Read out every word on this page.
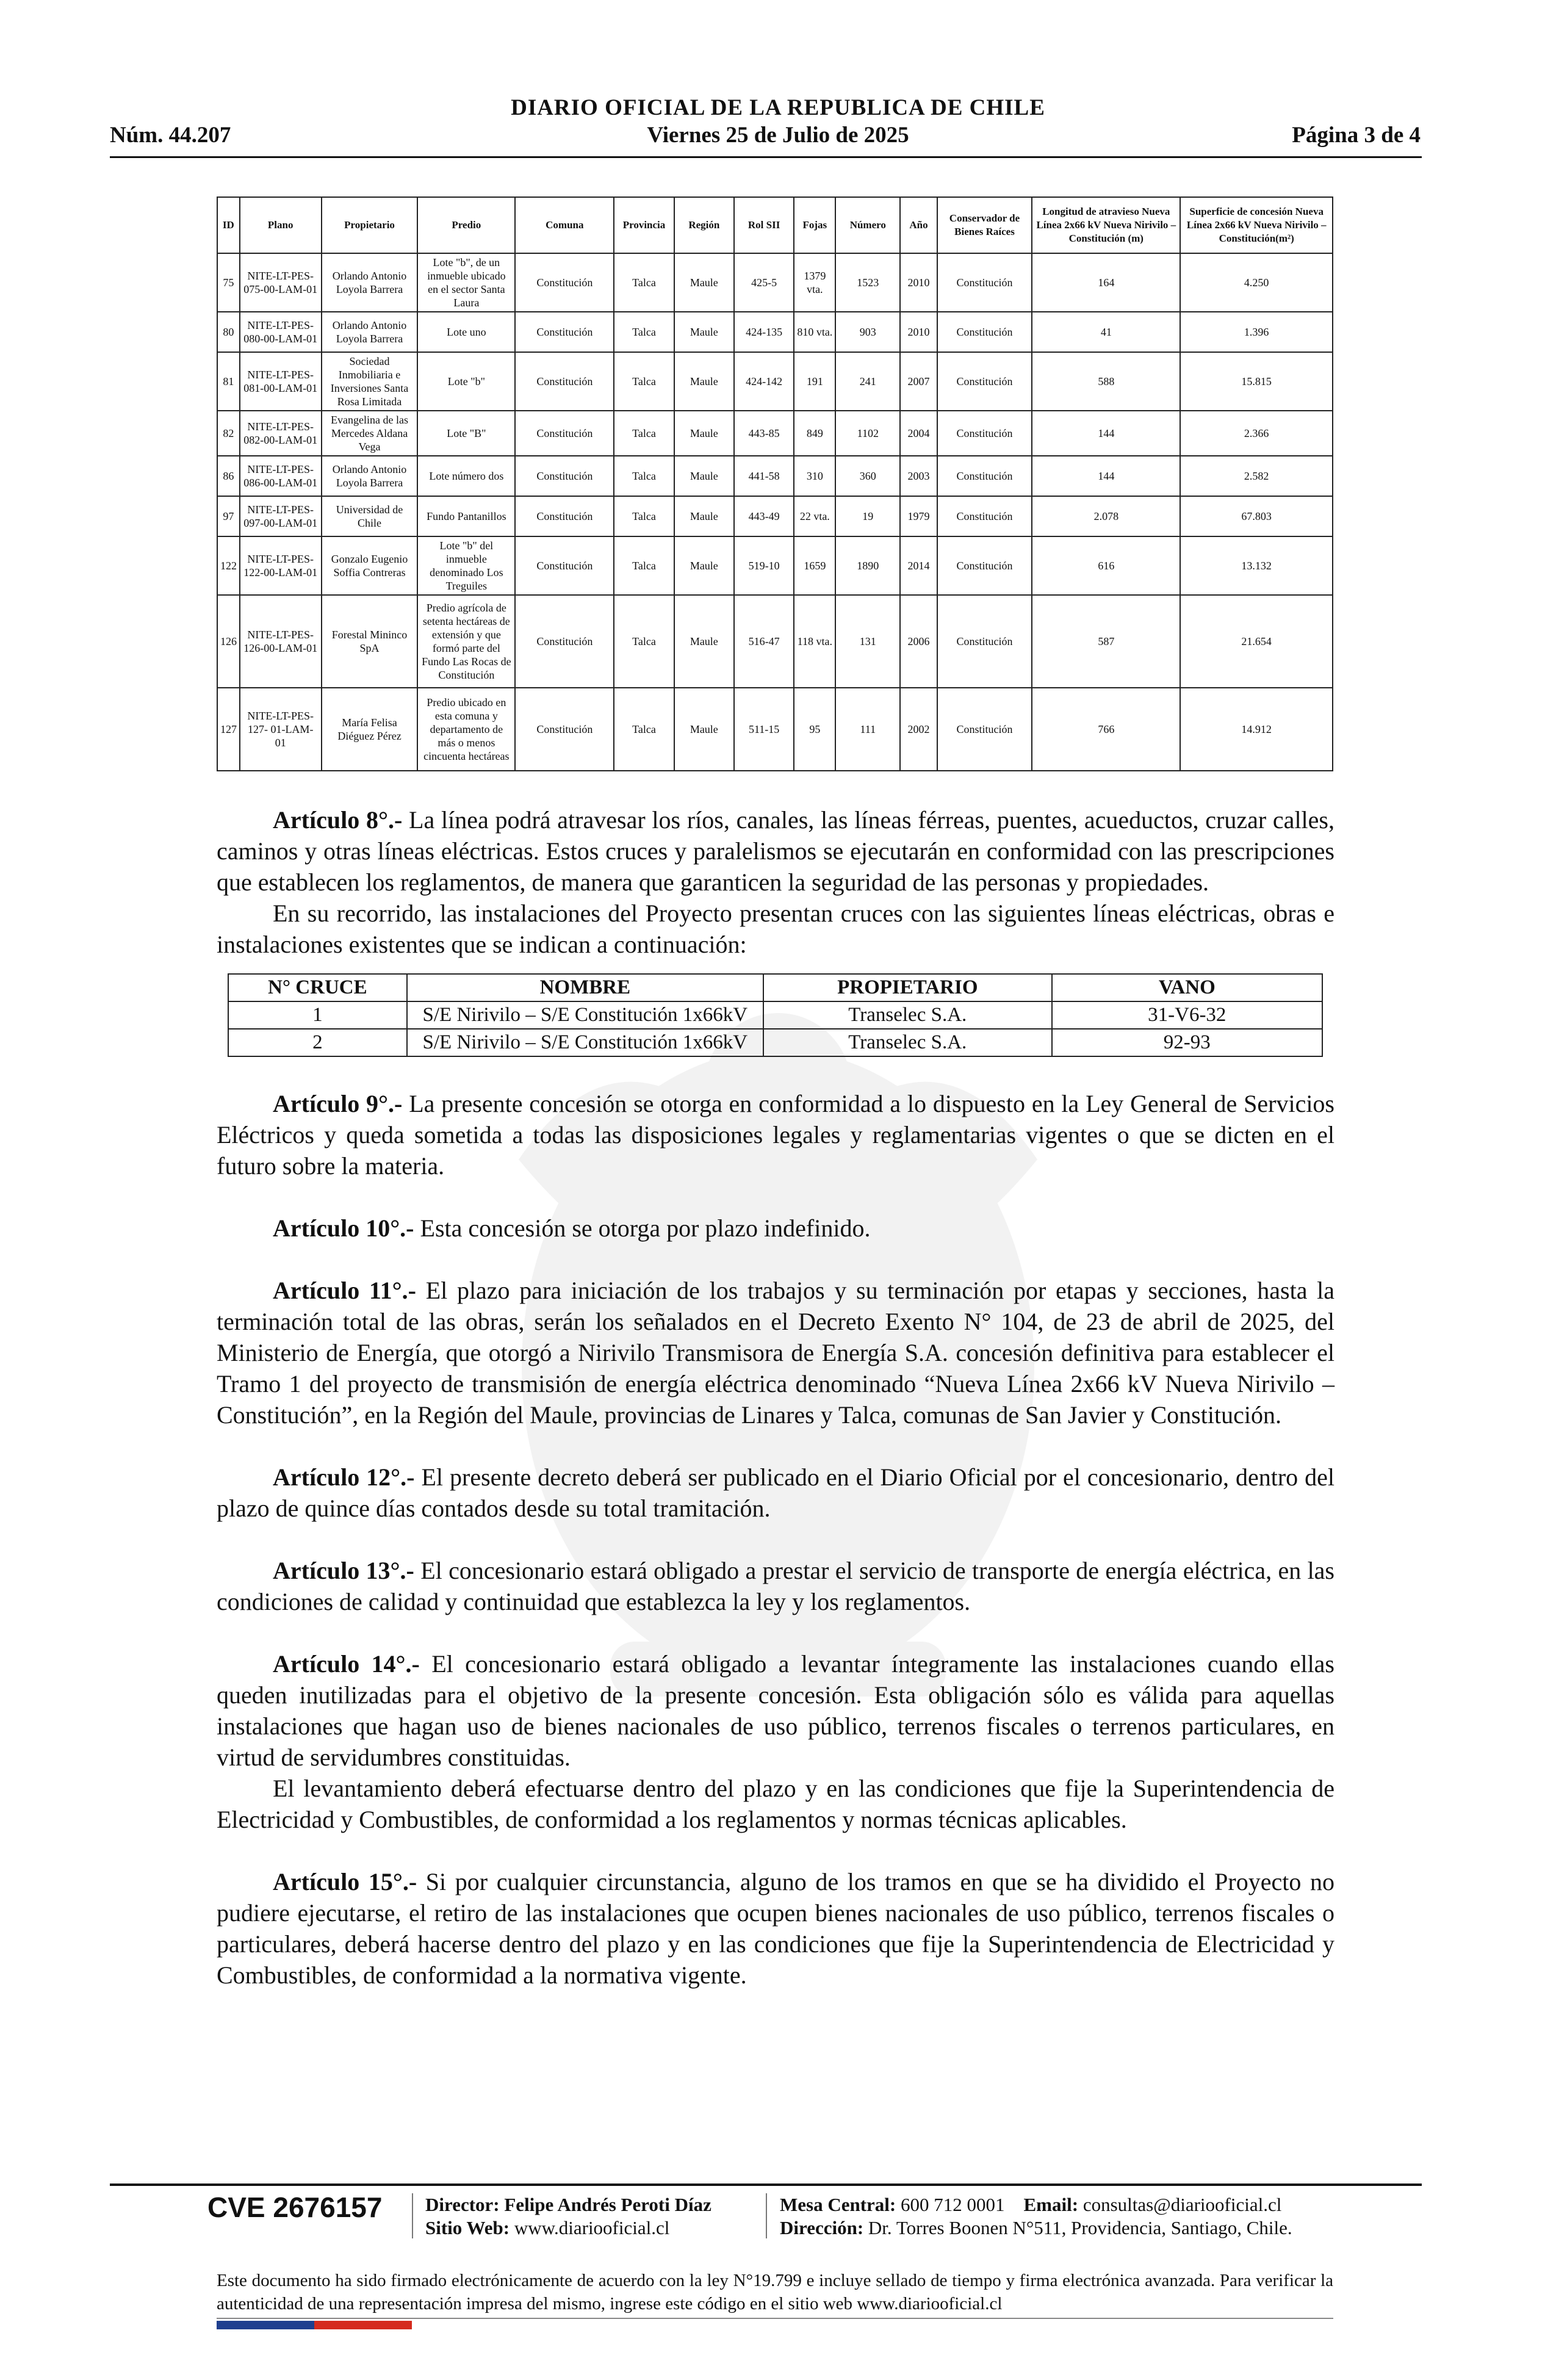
DIARIO OFICIAL DE LA REPUBLICA DE CHILE
Núm. 44.207	Viernes 25 de Julio de 2025	Página 3 de 4
ID	Plano	Propietario	Predio	Comuna	Provincia	Región	Rol SII	Fojas	Número	Año	Conservador de Bienes Raíces	Longitud de atravieso Nueva Línea 2x66 kV Nueva Nirivilo – Constitución (m)	Superficie de concesión Nueva Línea 2x66 kV Nueva Nirivilo – Constitución(m²)
75	NITE-LT-PES-075-00-LAM-01	Orlando Antonio Loyola Barrera	Lote "b", de un inmueble ubicado en el sector Santa Laura	Constitución	Talca	Maule	425-5	1379 vta.	1523	2010	Constitución	164	4.250
80	NITE-LT-PES-080-00-LAM-01	Orlando Antonio Loyola Barrera	Lote uno	Constitución	Talca	Maule	424-135	810 vta.	903	2010	Constitución	41	1.396
81	NITE-LT-PES-081-00-LAM-01	Sociedad Inmobiliaria e Inversiones Santa Rosa Limitada	Lote "b"	Constitución	Talca	Maule	424-142	191	241	2007	Constitución	588	15.815
82	NITE-LT-PES-082-00-LAM-01	Evangelina de las Mercedes Aldana Vega	Lote "B"	Constitución	Talca	Maule	443-85	849	1102	2004	Constitución	144	2.366
86	NITE-LT-PES-086-00-LAM-01	Orlando Antonio Loyola Barrera	Lote número dos	Constitución	Talca	Maule	441-58	310	360	2003	Constitución	144	2.582
97	NITE-LT-PES-097-00-LAM-01	Universidad de Chile	Fundo Pantanillos	Constitución	Talca	Maule	443-49	22 vta.	19	1979	Constitución	2.078	67.803
122	NITE-LT-PES-122-00-LAM-01	Gonzalo Eugenio Soffia Contreras	Lote "b" del inmueble denominado Los Treguiles	Constitución	Talca	Maule	519-10	1659	1890	2014	Constitución	616	13.132
126	NITE-LT-PES-126-00-LAM-01	Forestal Mininco SpA	Predio agrícola de setenta hectáreas de extensión y que formó parte del Fundo Las Rocas de Constitución	Constitución	Talca	Maule	516-47	118 vta.	131	2006	Constitución	587	21.654
127	NITE-LT-PES-127- 01-LAM-01	María Felisa Diéguez Pérez	Predio ubicado en esta comuna y departamento de más o menos cincuenta hectáreas	Constitución	Talca	Maule	511-15	95	111	2002	Constitución	766	14.912

Artículo 8°.- La línea podrá atravesar los ríos, canales, las líneas férreas, puentes, acueductos, cruzar calles, caminos y otras líneas eléctricas. Estos cruces y paralelismos se ejecutarán en conformidad con las prescripciones que establecen los reglamentos, de manera que garanticen la seguridad de las personas y propiedades.

En su recorrido, las instalaciones del Proyecto presentan cruces con las siguientes líneas eléctricas, obras e instalaciones existentes que se indican a continuación:

N° CRUCE	NOMBRE	PROPIETARIO	VANO
1	S/E Nirivilo – S/E Constitución 1x66kV	Transelec S.A.	31-V6-32
2	S/E Nirivilo – S/E Constitución 1x66kV	Transelec S.A.	92-93

Artículo 9°.- La presente concesión se otorga en conformidad a lo dispuesto en la Ley General de Servicios Eléctricos y queda sometida a todas las disposiciones legales y reglamentarias vigentes o que se dicten en el futuro sobre la materia.

Artículo 10°.- Esta concesión se otorga por plazo indefinido.

Artículo 11°.- El plazo para iniciación de los trabajos y su terminación por etapas y secciones, hasta la terminación total de las obras, serán los señalados en el Decreto Exento N° 104, de 23 de abril de 2025, del Ministerio de Energía, que otorgó a Nirivilo Transmisora de Energía S.A. concesión definitiva para establecer el Tramo 1 del proyecto de transmisión de energía eléctrica denominado “Nueva Línea 2x66 kV Nueva Nirivilo – Constitución”, en la Región del Maule, provincias de Linares y Talca, comunas de San Javier y Constitución.

Artículo 12°.- El presente decreto deberá ser publicado en el Diario Oficial por el concesionario, dentro del plazo de quince días contados desde su total tramitación.

Artículo 13°.- El concesionario estará obligado a prestar el servicio de transporte de energía eléctrica, en las condiciones de calidad y continuidad que establezca la ley y los reglamentos.

Artículo 14°.- El concesionario estará obligado a levantar íntegramente las instalaciones cuando ellas queden inutilizadas para el objetivo de la presente concesión. Esta obligación sólo es válida para aquellas instalaciones que hagan uso de bienes nacionales de uso público, terrenos fiscales o terrenos particulares, en virtud de servidumbres constituidas.

El levantamiento deberá efectuarse dentro del plazo y en las condiciones que fije la Superintendencia de Electricidad y Combustibles, de conformidad a los reglamentos y normas técnicas aplicables.

Artículo 15°.- Si por cualquier circunstancia, alguno de los tramos en que se ha dividido el Proyecto no pudiere ejecutarse, el retiro de las instalaciones que ocupen bienes nacionales de uso público, terrenos fiscales o particulares, deberá hacerse dentro del plazo y en las condiciones que fije la Superintendencia de Electricidad y Combustibles, de conformidad a la normativa vigente.

CVE 2676157 Director: Felipe Andrés Peroti Díaz
Sitio Web: www.diariooficial.cl
Mesa Central: 600 712 0001 Email: consultas@diariooficial.cl
Dirección: Dr. Torres Boonen N°511, Providencia, Santiago, Chile.
Este documento ha sido firmado electrónicamente de acuerdo con la ley N°19.799 e incluye sellado de tiempo y firma electrónica avanzada. Para verificar la autenticidad de una representación impresa del mismo, ingrese este código en el sitio web www.diariooficial.cl
